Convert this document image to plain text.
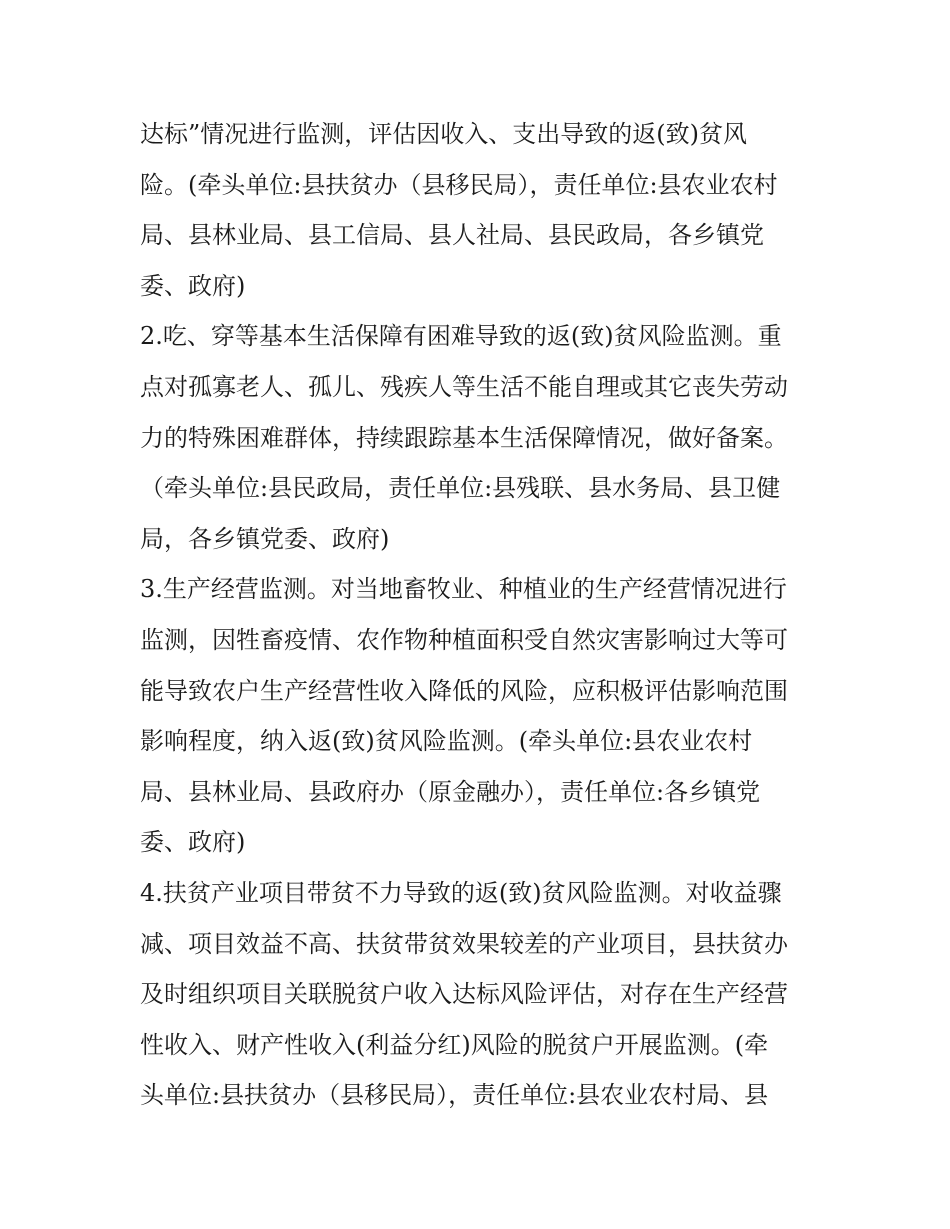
达标”情况进行监测，评估因收入、支出导致的返(致)贫风
险。(牵头单位:县扶贫办（县移民局），责任单位:县农业农村
局、县林业局、县工信局、县人社局、县民政局，各乡镇党
委、政府)
2.吃、穿等基本生活保障有困难导致的返(致)贫风险监测。重
点对孤寡老人、孤儿、残疾人等生活不能自理或其它丧失劳动
力的特殊困难群体，持续跟踪基本生活保障情况，做好备案。
（牵头单位:县民政局，责任单位:县残联、县水务局、县卫健
局，各乡镇党委、政府)
3.生产经营监测。对当地畜牧业、种植业的生产经营情况进行
监测，因牲畜疫情、农作物种植面积受自然灾害影响过大等可
能导致农户生产经营性收入降低的风险，应积极评估影响范围
影响程度，纳入返(致)贫风险监测。(牵头单位:县农业农村
局、县林业局、县政府办（原金融办），责任单位:各乡镇党
委、政府)
4.扶贫产业项目带贫不力导致的返(致)贫风险监测。对收益骤
减、项目效益不高、扶贫带贫效果较差的产业项目，县扶贫办
及时组织项目关联脱贫户收入达标风险评估，对存在生产经营
性收入、财产性收入(利益分红)风险的脱贫户开展监测。(牵
头单位:县扶贫办（县移民局），责任单位:县农业农村局、县
